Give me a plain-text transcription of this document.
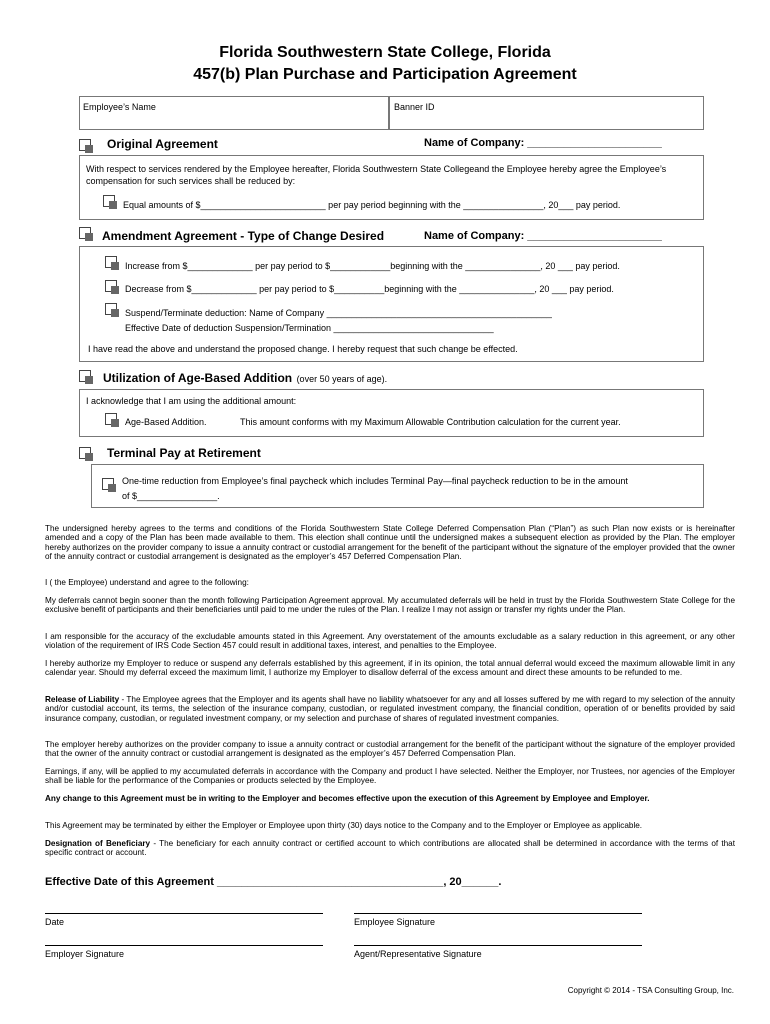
Florida Southwestern State College, Florida
457(b) Plan Purchase and Participation Agreement
Employee’s Name	Banner ID
Original Agreement	Name of Company: ______________________
With respect to services rendered by the Employee hereafter, Florida Southwestern State Collegeand the Employee hereby agree the Employee’s compensation for such services shall be reduced by:
Equal amounts of $_________________________ per pay period beginning with the ________________, 20___ pay period.
Amendment Agreement - Type of Change Desired	Name of Company: ______________________
Increase from $_____________ per pay period to $____________beginning with the _______________, 20 ___ pay period.
Decrease from $_____________ per pay period to $__________beginning with the _______________, 20 ___ pay period.
Suspend/Terminate deduction: Name of Company _____________________________________________
Effective Date of deduction Suspension/Termination ________________________________
I have read the above and understand the proposed change. I hereby request that such change be effected.
Utilization of Age-Based Addition (over 50 years of age).
I acknowledge that I am using the additional amount:
Age-Based Addition.	This amount conforms with my Maximum Allowable Contribution calculation for the current year.
Terminal Pay at Retirement
One-time reduction from Employee’s final paycheck which includes Terminal Pay—final paycheck reduction to be in the amount
of $________________.
The undersigned hereby agrees to the terms and conditions of the Florida Southwestern State College Deferred Compensation Plan (“Plan”) as such Plan now exists or is hereinafter amended and a copy of the Plan has been made available to them. This election shall continue until the undersigned makes a subsequent election as provided by the Plan. The employer hereby authorizes on the provider company to issue a annuity contract or custodial arrangement for the benefit of the participant without the signature of the employer provided that the owner of the annuity contract or custodial arrangement is designated as the employer’s 457 Deferred Compensation Plan.
I ( the Employee) understand and agree to the following:
My deferrals cannot begin sooner than the month following Participation Agreement approval. My accumulated deferrals will be held in trust by the Florida Southwestern State College for the exclusive benefit of participants and their beneficiaries until paid to me under the rules of the Plan. I realize I may not assign or transfer my rights under the Plan.
I am responsible for the accuracy of the excludable amounts stated in this Agreement. Any overstatement of the amounts excludable as a salary reduction in this agreement, or any other violation of the requirement of IRS Code Section 457 could result in additional taxes, interest, and penalties to the Employee.
I hereby authorize my Employer to reduce or suspend any deferrals established by this agreement, if in its opinion, the total annual deferral would exceed the maximum allowable limit in any calendar year. Should my deferral exceed the maximum limit, I authorize my Employer to disallow deferral of the excess amount and direct these amounts to be refunded to me.
Release of Liability - The Employee agrees that the Employer and its agents shall have no liability whatsoever for any and all losses suffered by me with regard to my selection of the annuity and/or custodial account, its terms, the selection of the insurance company, custodian, or regulated investment company, the financial condition, operation of or benefits provided by said insurance company, custodian, or regulated investment company, or my selection and purchase of shares of regulated investment companies.
The employer hereby authorizes on the provider company to issue a annuity contract or custodial arrangement for the benefit of the participant without the signature of the employer provided that the owner of the annuity contract or custodial arrangement is designated as the employer’s 457 Deferred Compensation Plan.
Earnings, if any, will be applied to my accumulated deferrals in accordance with the Company and product I have selected. Neither the Employer, nor Trustees, nor agencies of the Employer shall be liable for the performance of the Companies or products selected by the Employee.
Any change to this Agreement must be in writing to the Employer and becomes effective upon the execution of this Agreement by Employee and Employer.
This Agreement may be terminated by either the Employer or Employee upon thirty (30) days notice to the Company and to the Employer or Employee as applicable.
Designation of Beneficiary - The beneficiary for each annuity contract or certified account to which contributions are allocated shall be determined in accordance with the terms of that specific contract or account.
Effective Date of this Agreement _____________________________________, 20______.
Date	Employee Signature
Employer Signature	Agent/Representative Signature
Copyright © 2014 - TSA Consulting Group, Inc.
